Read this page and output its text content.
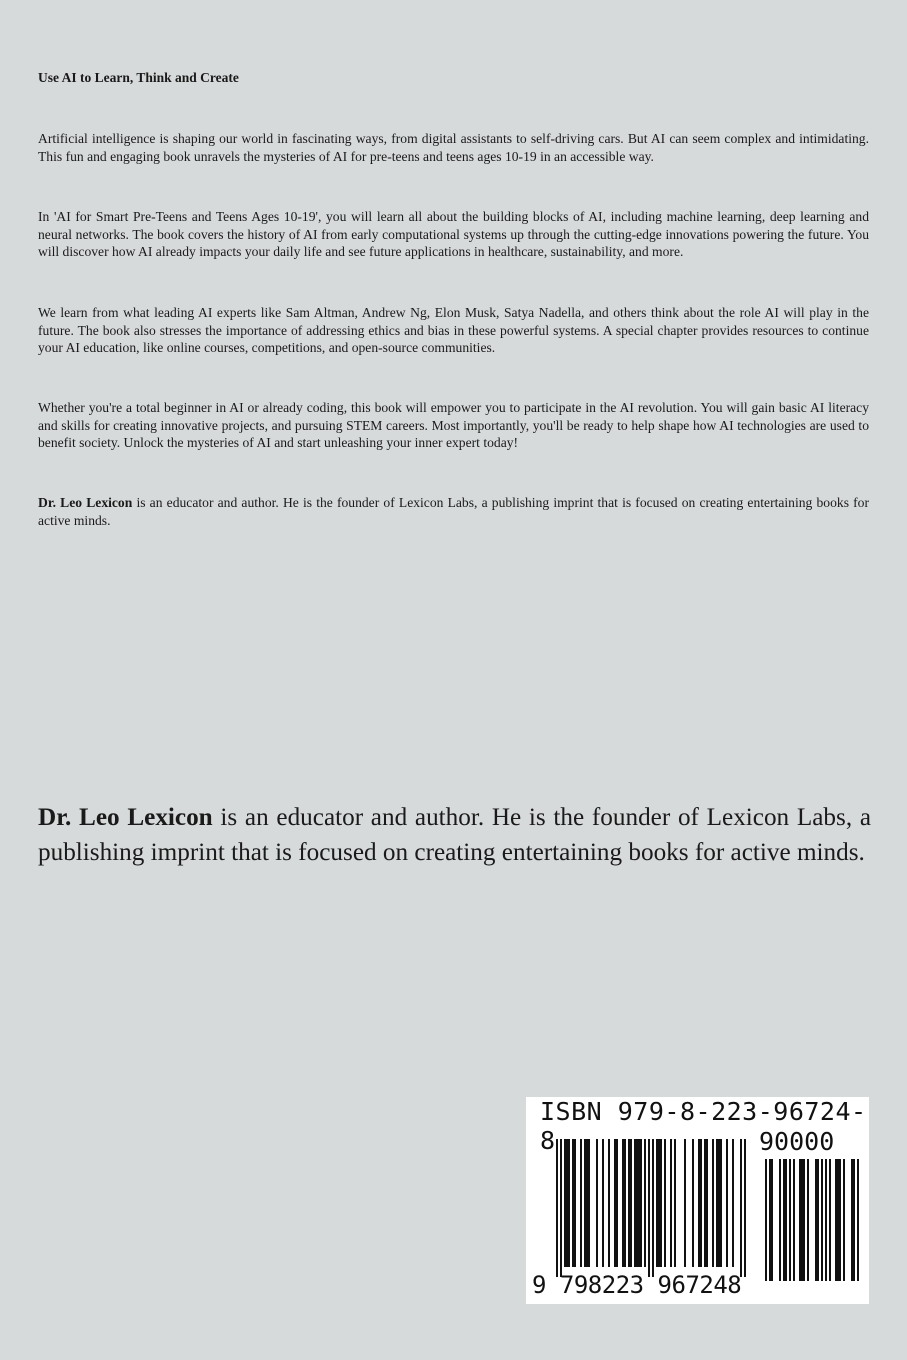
Use AI to Learn, Think and Create

Artificial intelligence is shaping our world in fascinating ways, from digital assistants to self-driving cars. But AI can seem complex and intimidating. This fun and engaging book unravels the mysteries of AI for pre-teens and teens ages 10-19 in an accessible way.

In 'AI for Smart Pre-Teens and Teens Ages 10-19', you will learn all about the building blocks of AI, including machine learning, deep learning and neural networks. The book covers the history of AI from early computational systems up through the cutting-edge innovations powering the future. You will discover how AI already impacts your daily life and see future applications in healthcare, sustainability, and more.

We learn from what leading AI experts like Sam Altman, Andrew Ng, Elon Musk, Satya Nadella, and others think about the role AI will play in the future. The book also stresses the importance of addressing ethics and bias in these powerful systems. A special chapter provides resources to continue your AI education, like online courses, competitions, and open-source communities.

Whether you're a total beginner in AI or already coding, this book will empower you to participate in the AI revolution. You will gain basic AI literacy and skills for creating innovative projects, and pursuing STEM careers. Most importantly, you'll be ready to help shape how AI technologies are used to benefit society. Unlock the mysteries of AI and start unleashing your inner expert today!

Dr. Leo Lexicon is an educator and author. He is the founder of Lexicon Labs, a publishing imprint that is focused on creating entertaining books for active minds.

Dr. Leo Lexicon is an educator and author. He is the founder of Lexicon Labs, a publishing imprint that is focused on creating entertaining books for active minds.

ISBN 979-8-223-96724-8	90000
9 798223 967248
